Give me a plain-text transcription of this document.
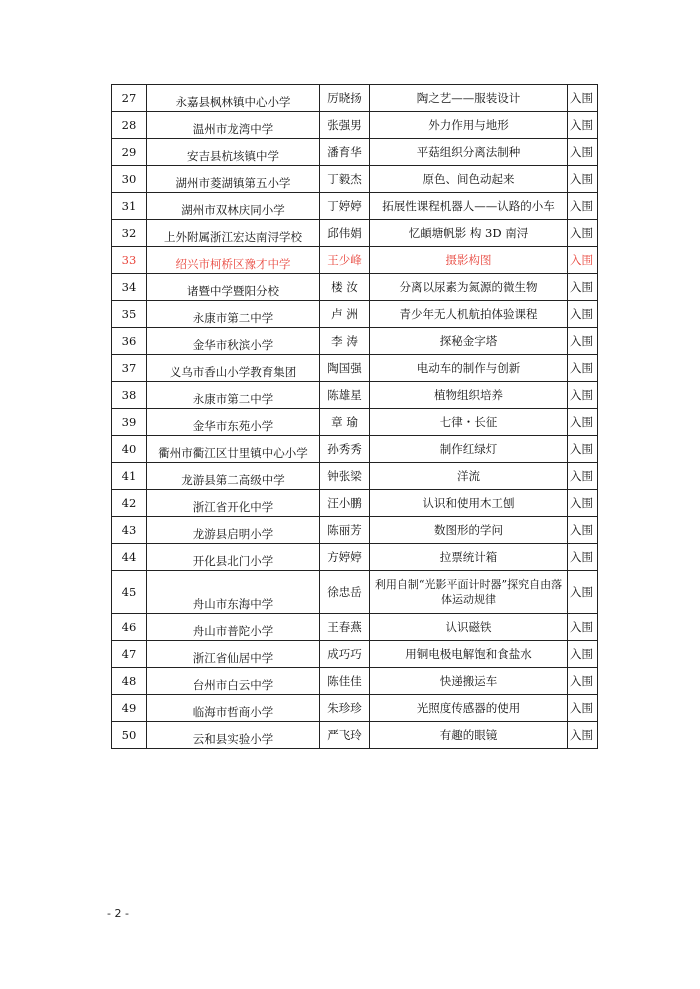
27	永嘉县枫林镇中心小学	厉晓扬	陶之艺——服装设计	入围
28	温州市龙湾中学	张强男	外力作用与地形	入围
29	安吉县杭垓镇中学	潘育华	平菇组织分离法制种	入围
30	湖州市菱湖镇第五小学	丁毅杰	原色、间色动起来	入围
31	湖州市双林庆同小学	丁婷婷	拓展性课程机器人——认路的小车	入围
32	上外附属浙江宏达南浔学校	邱伟娟	忆頔塘帆影 构 3D 南浔	入围
33	绍兴市柯桥区豫才中学	王少峰	摄影构图	入围
34	诸暨中学暨阳分校	楼 汝	分离以尿素为氮源的微生物	入围
35	永康市第二中学	卢 洲	青少年无人机航拍体验课程	入围
36	金华市秋滨小学	李 涛	探秘金字塔	入围
37	义乌市香山小学教育集团	陶国强	电动车的制作与创新	入围
38	永康市第二中学	陈雄星	植物组织培养	入围
39	金华市东苑小学	章 瑜	七律・长征	入围
40	衢州市衢江区廿里镇中心小学	孙秀秀	制作红绿灯	入围
41	龙游县第二高级中学	钟张梁	洋流	入围
42	浙江省开化中学	汪小鹏	认识和使用木工刨	入围
43	龙游县启明小学	陈丽芳	数图形的学问	入围
44	开化县北门小学	方婷婷	拉票统计箱	入围
45	舟山市东海中学	徐忠岳	利用自制“光影平面计时器”探究自由落体运动规律	入围
46	舟山市普陀小学	王春燕	认识磁铁	入围
47	浙江省仙居中学	成巧巧	用铜电极电解饱和食盐水	入围
48	台州市白云中学	陈佳佳	快递搬运车	入围
49	临海市哲商小学	朱珍珍	光照度传感器的使用	入围
50	云和县实验小学	严飞玲	有趣的眼镜	入围
- 2 -
